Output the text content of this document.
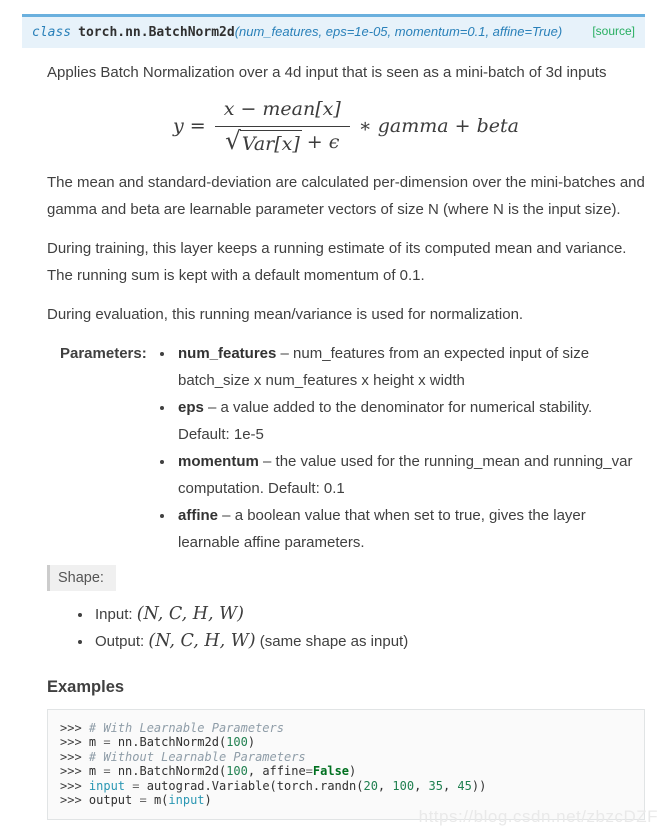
[source]
class torch.nn.BatchNorm2d(num_features, eps=1e-05, momentum=0.1, affine=True)

Applies Batch Normalization over a 4d input that is seen as a mini-batch of 3d inputs

$y = \frac{\text{x − mean[x]}}{\text{√ Var[x] + ϵ}}$ ∗ gamma + beta

The mean and standard-deviation are calculated per-dimension over the mini-batches and gamma and beta are learnable parameter vectors of size N (where N is the input size).

During training, this layer keeps a running estimate of its computed mean and variance. The running sum is kept with a default momentum of 0.1.

During evaluation, this running mean/variance is used for normalization.

Parameters:	• num_features – num_features from an expected input of size batch_size x num_features x height x width
• eps – a value added to the denominator for numerical stability. Default: 1e-5
• momentum – the value used for the running_mean and running_var computation. Default: 0.1
• affine – a boolean value that when set to true, gives the layer learnable affine parameters.
Shape:
• Input: (N, C, H, W)
• Output: (N, C, H, W) (same shape as input)
Examples
>>> # With Learnable Parameters
>>> m = nn.BatchNorm2d(100)
>>> # Without Learnable Parameters
>>> m = nn.BatchNorm2d(100, affine=False)
>>> input = autograd.Variable(torch.randn(20, 100, 35, 45))
>>> output = m(input)
https://blog.csdn.net/zbzcDZF
